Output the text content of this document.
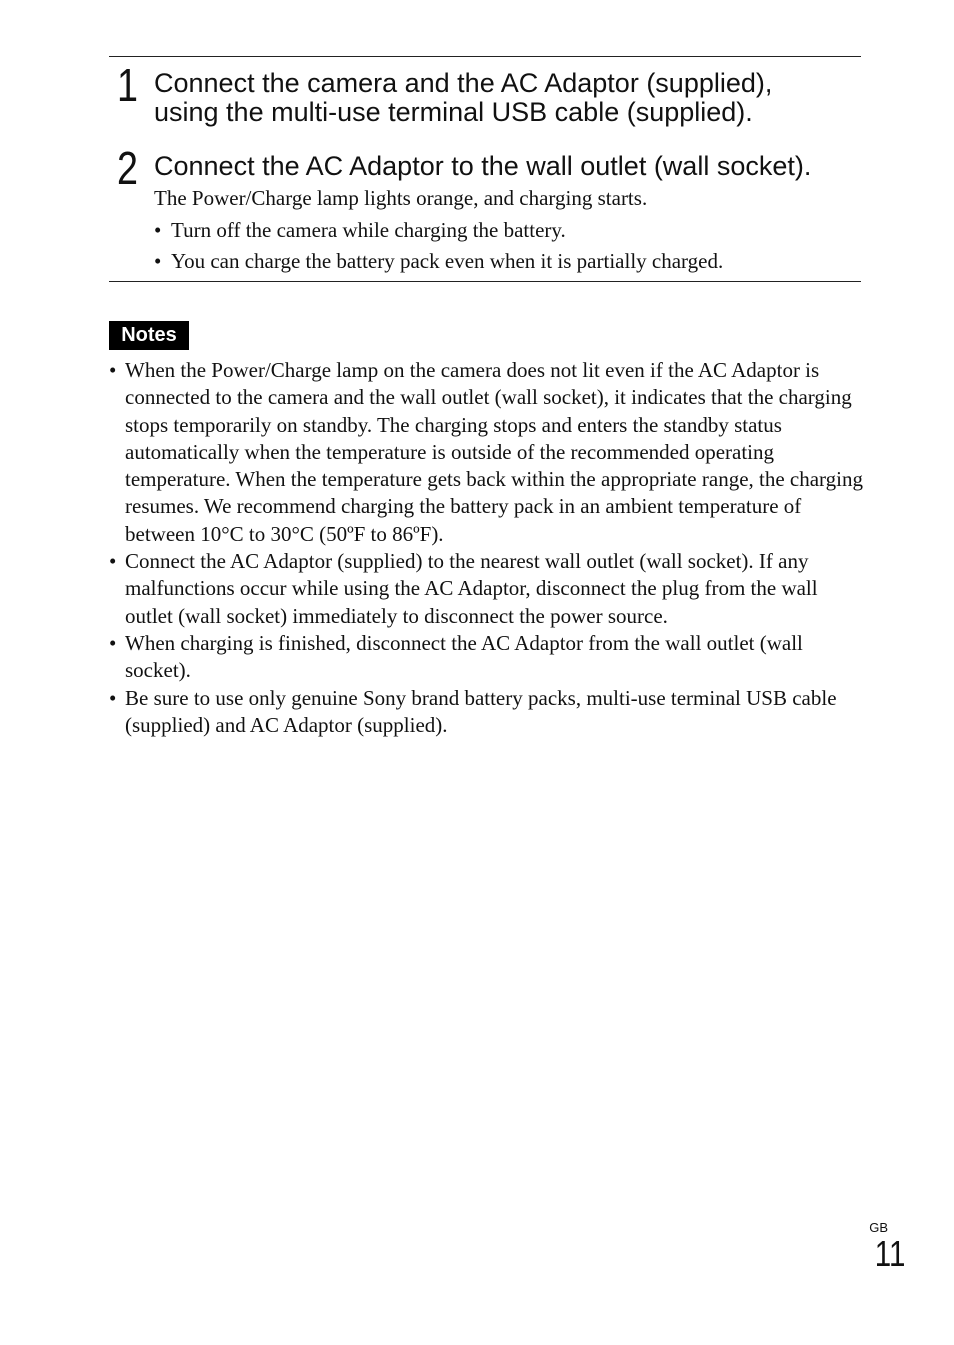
1 Connect the camera and the AC Adaptor (supplied),
using the multi-use terminal USB cable (supplied).
2 Connect the AC Adaptor to the wall outlet (wall socket).

The Power/Charge lamp lights orange, and charging starts.

• Turn off the camera while charging the battery.
• You can charge the battery pack even when it is partially charged.
Notes
• When the Power/Charge lamp on the camera does not lit even if the AC Adaptor is connected to the camera and the wall outlet (wall socket), it indicates that the charging stops temporarily on standby. The charging stops and enters the standby status automatically when the temperature is outside of the recommended operating temperature. When the temperature gets back within the appropriate range, the charging resumes. We recommend charging the battery pack in an ambient temperature of between 10°C to 30°C (50ºF to 86ºF).
• Connect the AC Adaptor (supplied) to the nearest wall outlet (wall socket). If any malfunctions occur while using the AC Adaptor, disconnect the plug from the wall outlet (wall socket) immediately to disconnect the power source.
• When charging is finished, disconnect the AC Adaptor from the wall outlet (wall socket).
• Be sure to use only genuine Sony brand battery packs, multi-use terminal USB cable (supplied) and AC Adaptor (supplied).
GB
11
